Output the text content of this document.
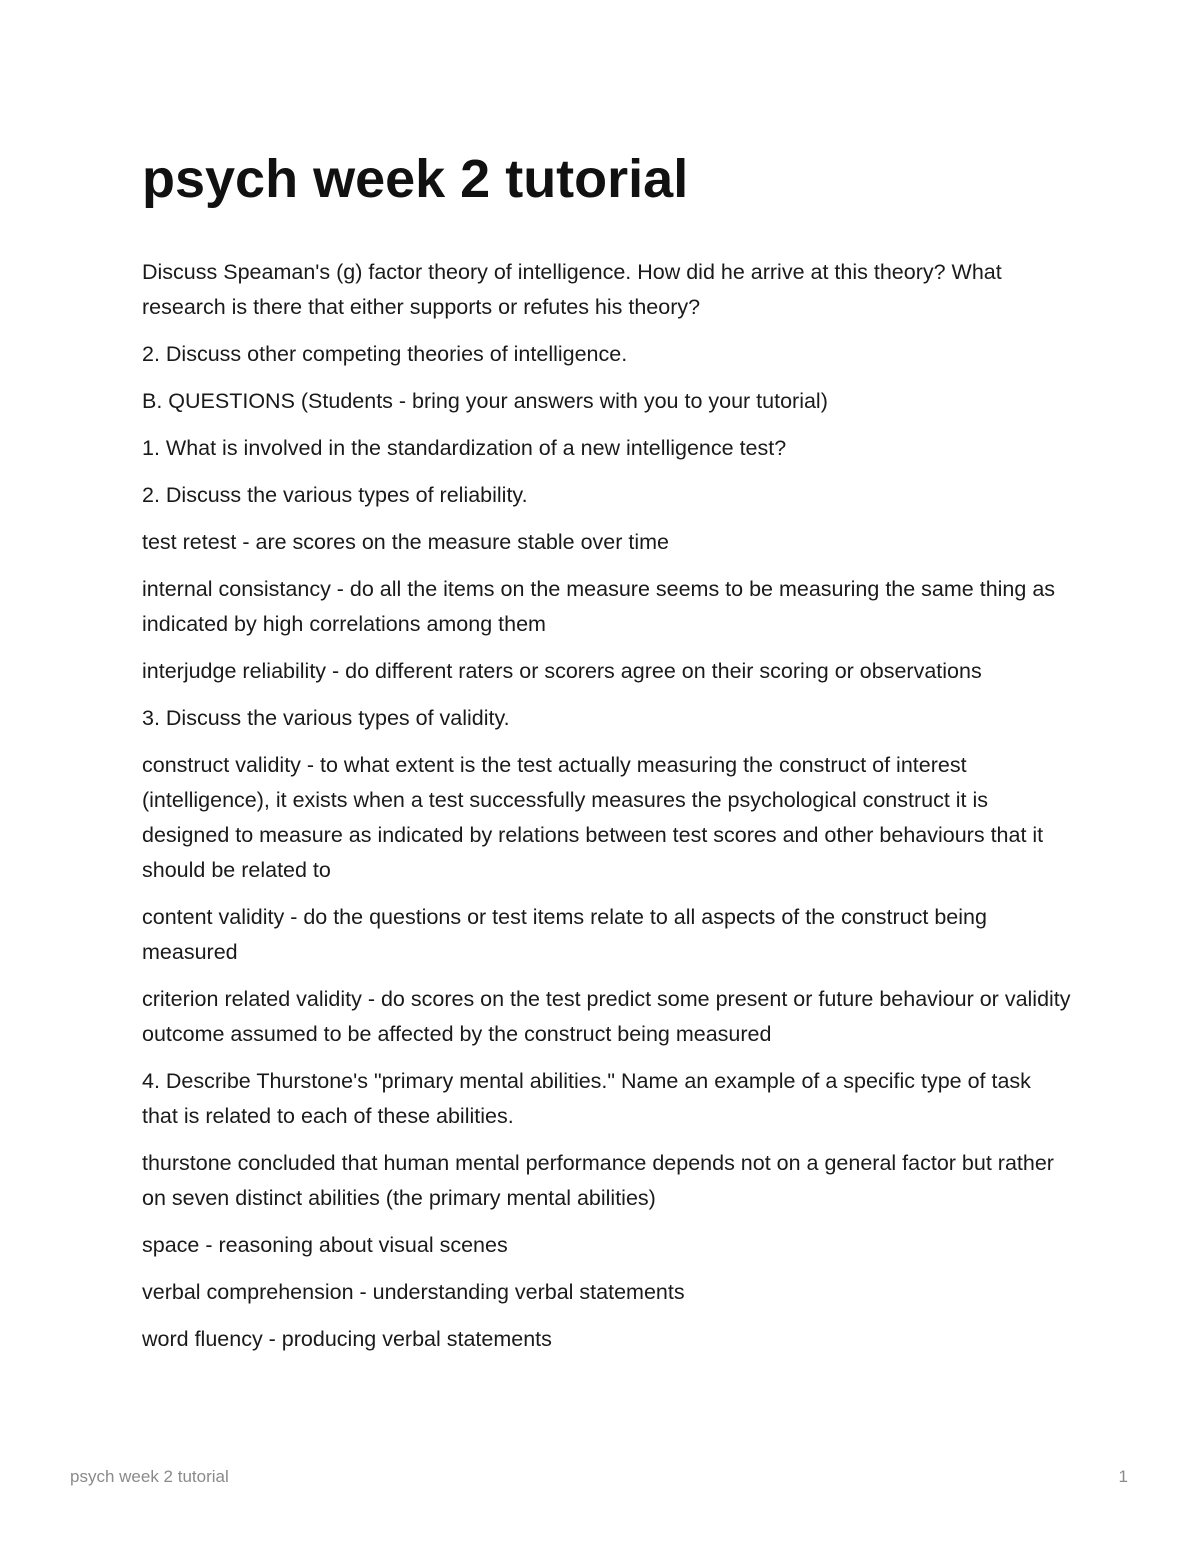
psych week 2 tutorial

Discuss Speaman's (g) factor theory of intelligence. How did he arrive at this theory? What research is there that either supports or refutes his theory?

2. Discuss other competing theories of intelligence.

B. QUESTIONS (Students - bring your answers with you to your tutorial)

1. What is involved in the standardization of a new intelligence test?

2. Discuss the various types of reliability.

test retest - are scores on the measure stable over time

internal consistancy - do all the items on the measure seems to be measuring the same thing as indicated by high correlations among them

interjudge reliability - do different raters or scorers agree on their scoring or observations

3. Discuss the various types of validity.

construct validity - to what extent is the test actually measuring the construct of interest (intelligence), it exists when a test successfully measures the psychological construct it is designed to measure as indicated by relations between test scores and other behaviours that it should be related to

content validity - do the questions or test items relate to all aspects of the construct being measured

criterion related validity - do scores on the test predict some present or future behaviour or validity outcome assumed to be affected by the construct being measured

4. Describe Thurstone's "primary mental abilities." Name an example of a specific type of task that is related to each of these abilities.

thurstone concluded that human mental performance depends not on a general factor but rather on seven distinct abilities (the primary mental abilities)

space - reasoning about visual scenes

verbal comprehension - understanding verbal statements

word fluency - producing verbal statements

psych week 2 tutorial	1
